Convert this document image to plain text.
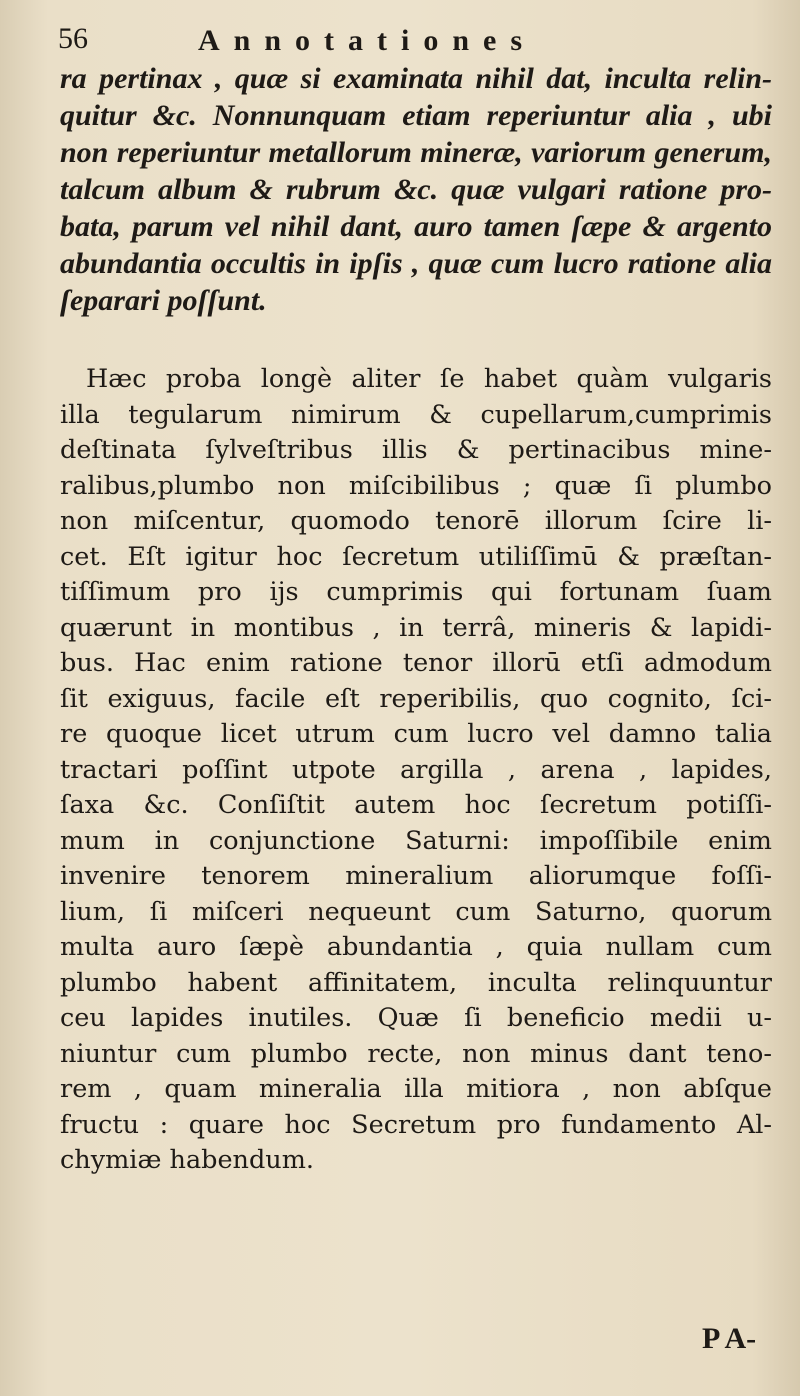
56	Annotationes
ra pertinax , quæ si examinata nihil dat, inculta relin-
quitur &c. Nonnunquam etiam reperiuntur alia , ubi
non reperiuntur metallorum mineræ, variorum generum,
talcum album & rubrum &c. quæ vulgari ratione pro-
bata, parum vel nihil dant, auro tamen ſæpe & argento
abundantia occultis in ipſis , quæ cum lucro ratione alia
ſeparari poſſunt.
Hæc proba longè aliter ſe habet quàm vulgaris
illa tegularum nimirum & cupellarum,cumprimis
deſtinata ſylveſtribus illis & pertinacibus mine-
ralibus,plumbo non miſcibilibus ; quæ ſi plumbo
non miſcentur, quomodo tenorē illorum ſcire li-
cet. Eſt igitur hoc ſecretum utiliſſimū & præſtan-
tiſſimum pro ijs cumprimis qui fortunam ſuam
quærunt in montibus , in terrâ, mineris & lapidi-
bus. Hac enim ratione tenor illorū etſi admodum
ſit exiguus, facile eſt reperibilis, quo cognito, ſci-
re quoque licet utrum cum lucro vel damno talia
tractari poſſint utpote argilla , arena , lapides,
ſaxa &c. Conſiſtit autem hoc ſecretum potiſſi-
mum in conjunctione Saturni: impoſſibile enim
invenire tenorem mineralium aliorumque foſſi-
lium, ſi miſceri nequeunt cum Saturno, quorum
multa auro ſæpè abundantia , quia nullam cum
plumbo habent affinitatem, inculta relinquuntur
ceu lapides inutiles. Quæ ſi beneficio medii u-
niuntur cum plumbo recte, non minus dant teno-
rem , quam mineralia illa mitiora , non abſque
fructu : quare hoc Secretum pro fundamento Al-
chymiæ habendum.
P A-
